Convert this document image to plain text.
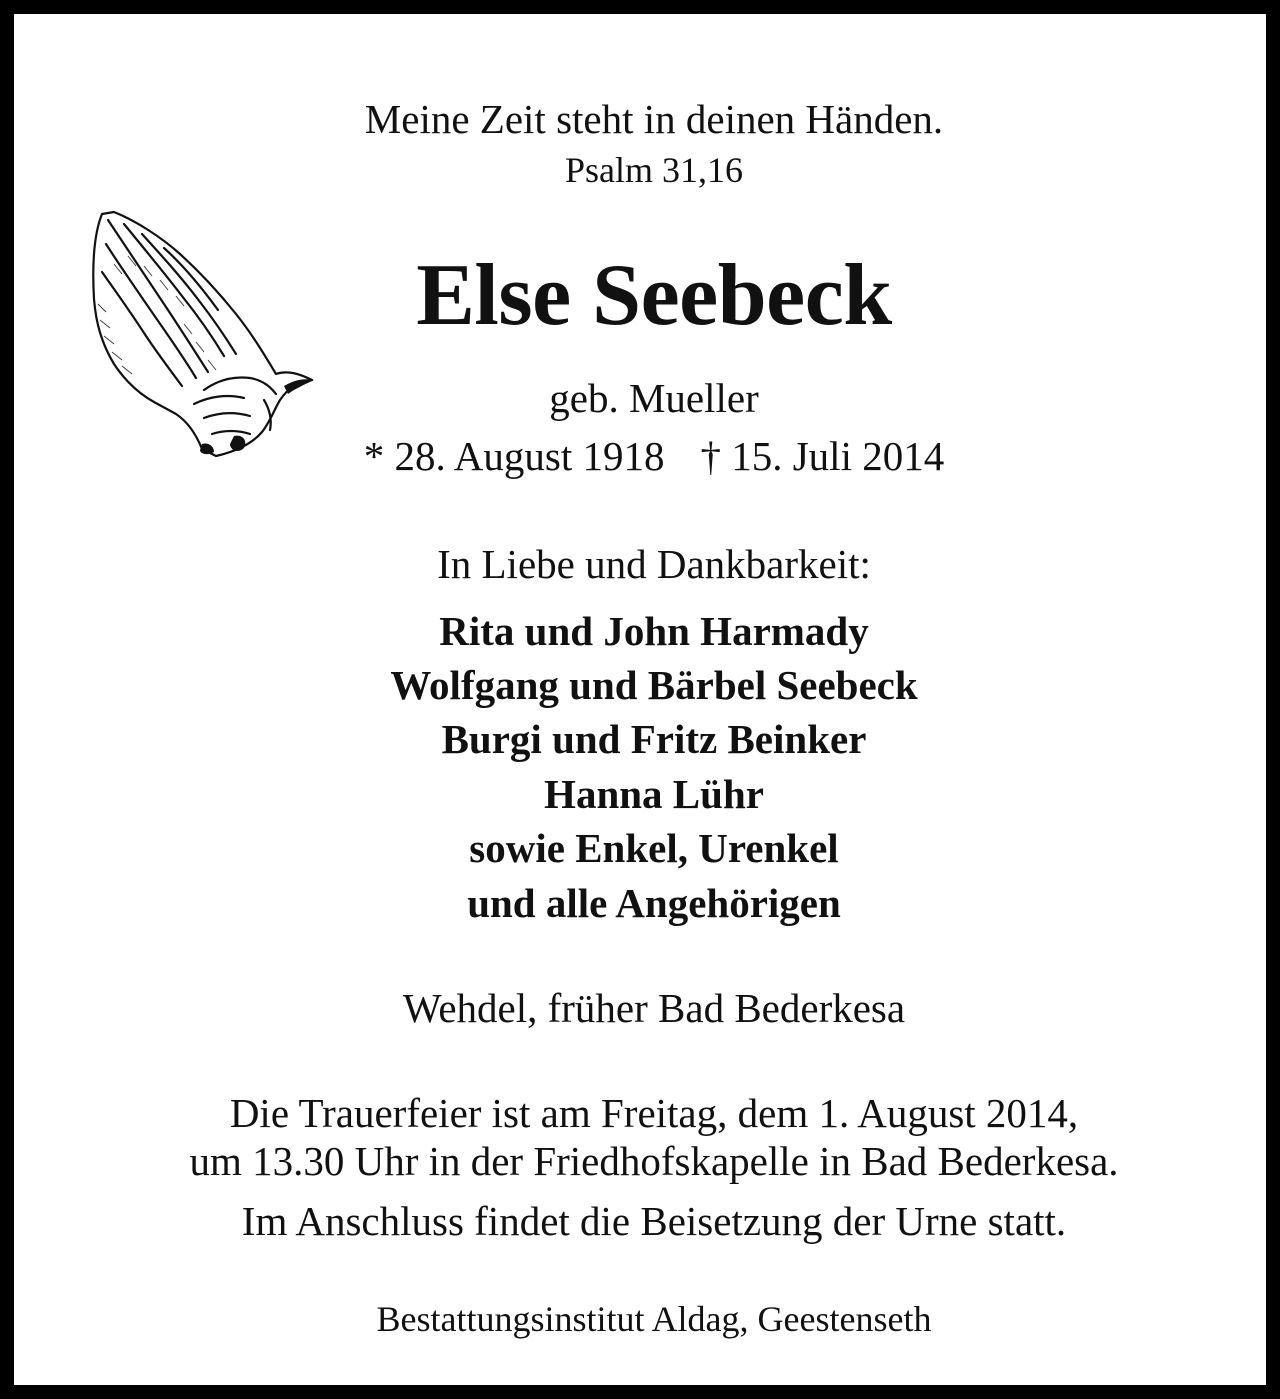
Meine Zeit steht in deinen Händen.
Psalm 31,16
Else Seebeck
geb. Mueller
* 28. August 1918 † 15. Juli 2014
In Liebe und Dankbarkeit:
Rita und John Harmady
Wolfgang und Bärbel Seebeck
Burgi und Fritz Beinker
Hanna Lühr
sowie Enkel, Urenkel
und alle Angehörigen
Wehdel, früher Bad Bederkesa
Die Trauerfeier ist am Freitag, dem 1. August 2014,
um 13.30 Uhr in der Friedhofskapelle in Bad Bederkesa.
Im Anschluss findet die Beisetzung der Urne statt.
Bestattungsinstitut Aldag, Geestenseth
